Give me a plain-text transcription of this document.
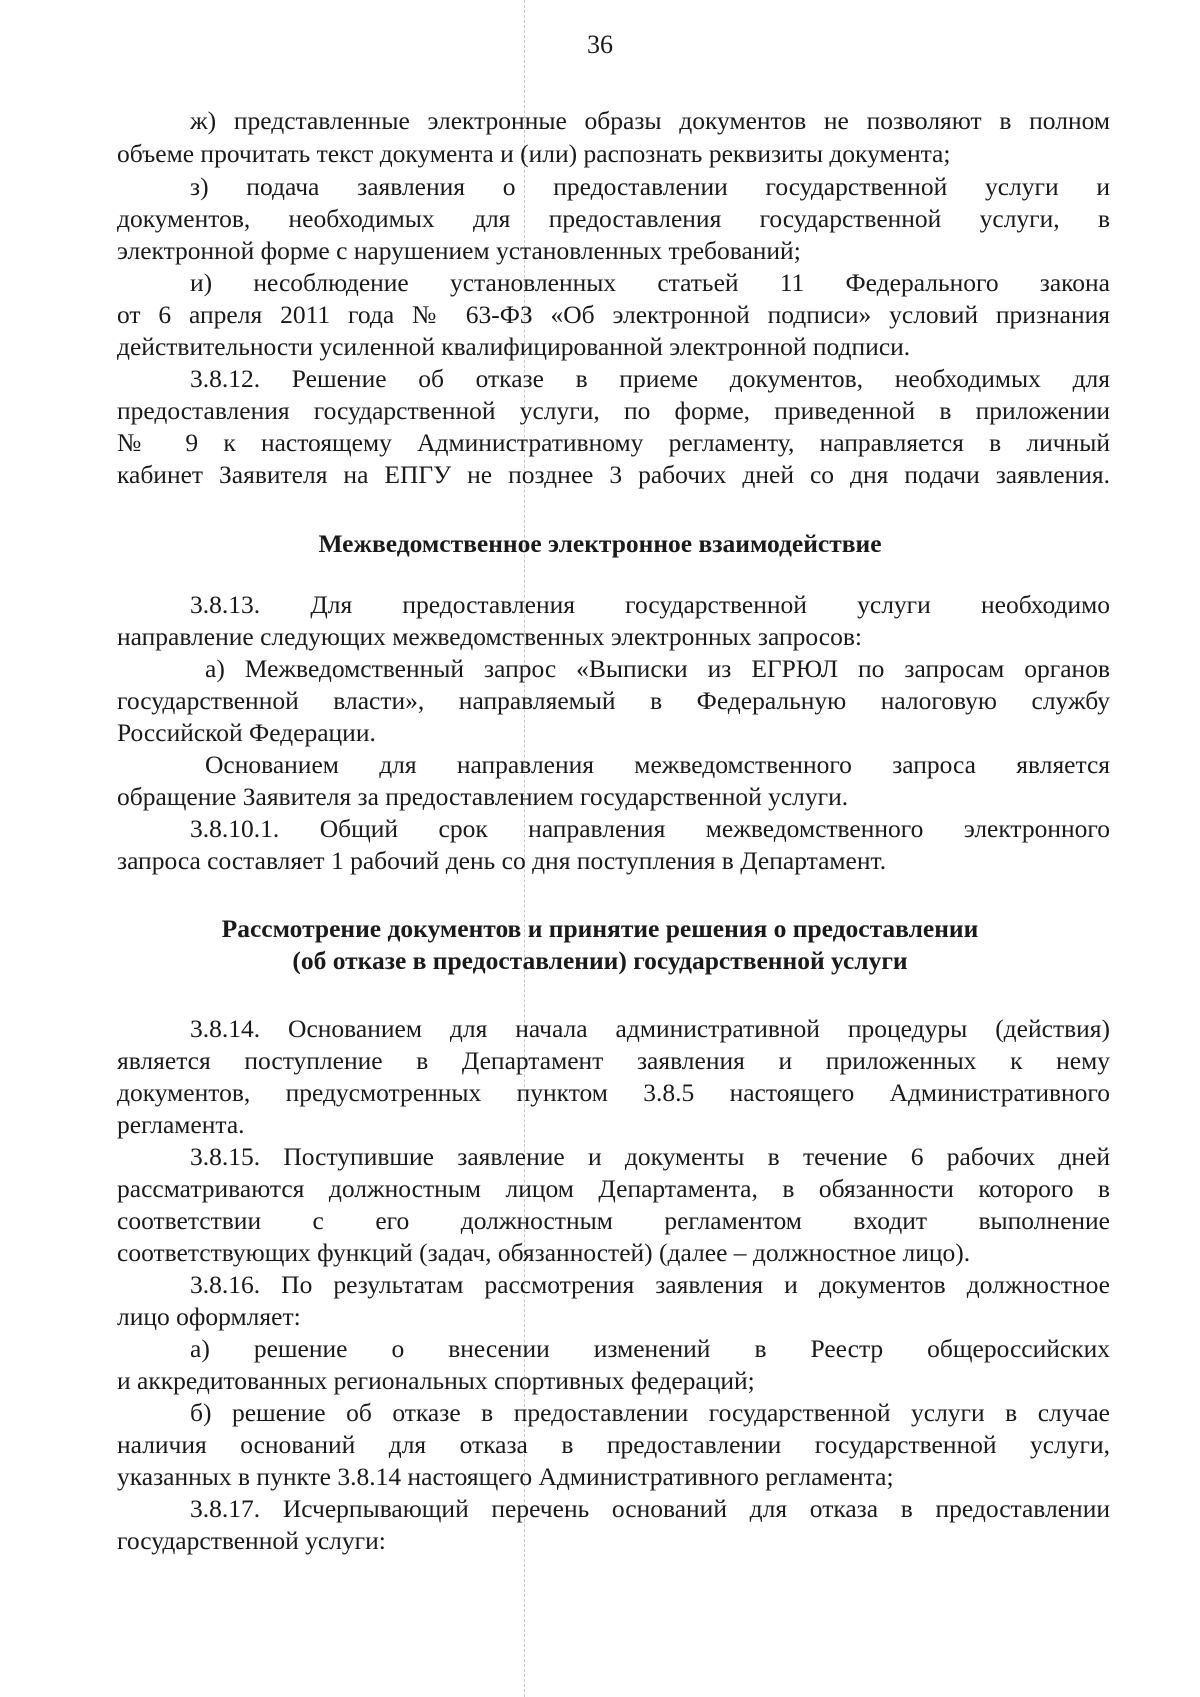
36
ж) представленные электронные образы документов не позволяют в полном
объеме прочитать текст документа и (или) распознать реквизиты документа;
з) подача заявления о предоставлении государственной услуги и
документов, необходимых для предоставления государственной услуги, в
электронной форме с нарушением установленных требований;
и) несоблюдение установленных статьей 11 Федерального закона
от 6 апреля 2011 года № 63-ФЗ «Об электронной подписи» условий признания
действительности усиленной квалифицированной электронной подписи.
3.8.12. Решение об отказе в приеме документов, необходимых для
предоставления государственной услуги, по форме, приведенной в приложении
№ 9 к настоящему Административному регламенту, направляется в личный
кабинет Заявителя на ЕПГУ не позднее 3 рабочих дней со дня подачи заявления.
Межведомственное электронное взаимодействие
3.8.13. Для предоставления государственной услуги необходимо
направление следующих межведомственных электронных запросов:
а) Межведомственный запрос «Выписки из ЕГРЮЛ по запросам органов
государственной власти», направляемый в Федеральную налоговую службу
Российской Федерации.
Основанием для направления межведомственного запроса является
обращение Заявителя за предоставлением государственной услуги.
3.8.10.1. Общий срок направления межведомственного электронного
запроса составляет 1 рабочий день со дня поступления в Департамент.
Рассмотрение документов и принятие решения о предоставлении
(об отказе в предоставлении) государственной услуги
3.8.14. Основанием для начала административной процедуры (действия)
является поступление в Департамент заявления и приложенных к нему
документов, предусмотренных пунктом 3.8.5 настоящего Административного
регламента.
3.8.15. Поступившие заявление и документы в течение 6 рабочих дней
рассматриваются должностным лицом Департамента, в обязанности которого в
соответствии с его должностным регламентом входит выполнение
соответствующих функций (задач, обязанностей) (далее – должностное лицо).
3.8.16. По результатам рассмотрения заявления и документов должностное
лицо оформляет:
а) решение о внесении изменений в Реестр общероссийских
и аккредитованных региональных спортивных федераций;
б) решение об отказе в предоставлении государственной услуги в случае
наличия оснований для отказа в предоставлении государственной услуги,
указанных в пункте 3.8.14 настоящего Административного регламента;
3.8.17. Исчерпывающий перечень оснований для отказа в предоставлении
государственной услуги:
